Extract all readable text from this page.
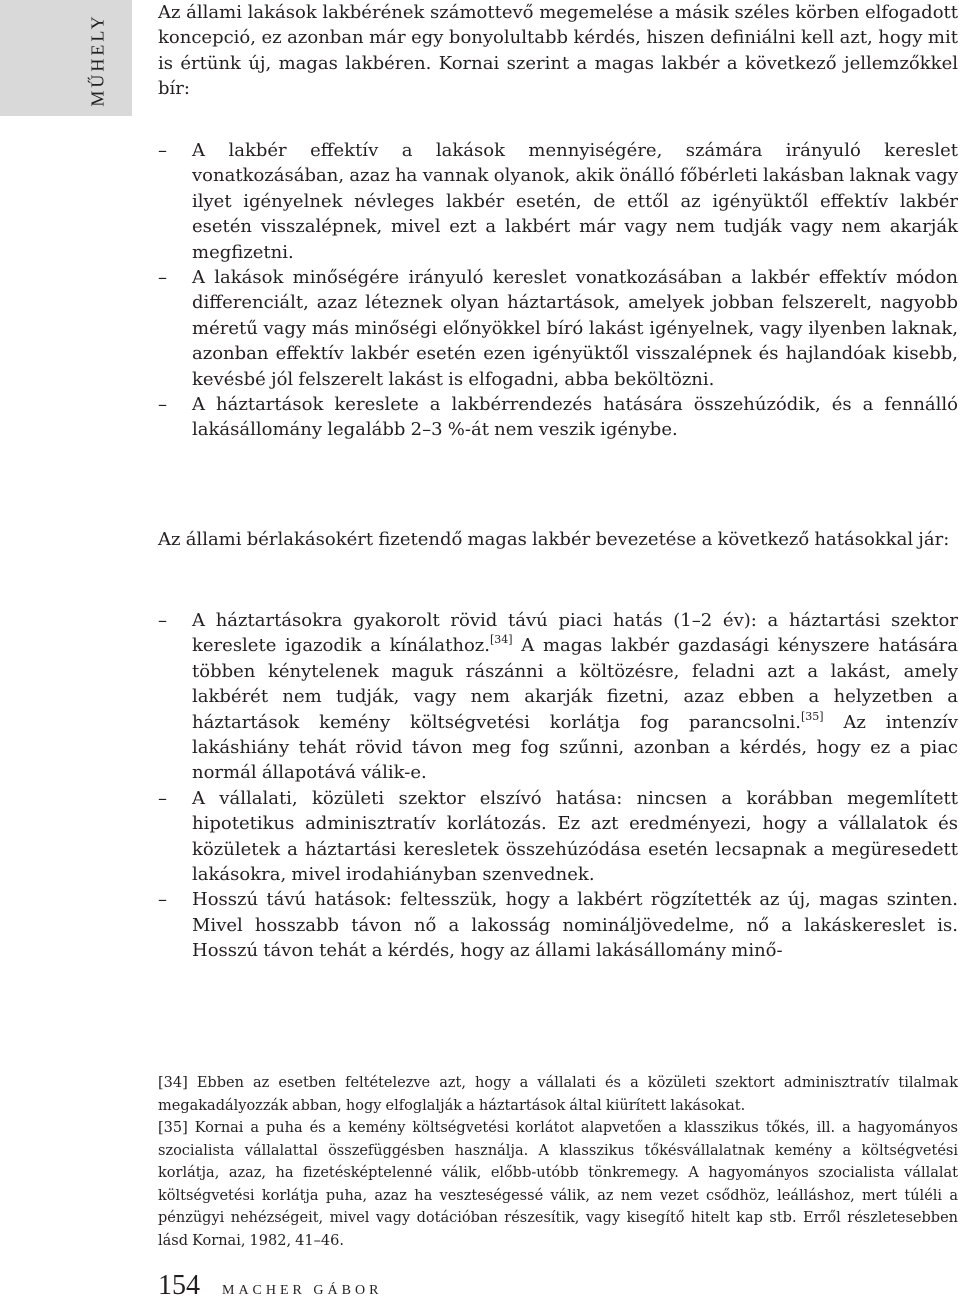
MŰHELY

Az állami lakások lakbérének számottevő megemelése a másik széles körben elfogadott koncepció, ez azonban már egy bonyolultabb kérdés, hiszen definiálni kell azt, hogy mit is értünk új, magas lakbéren. Kornai szerint a magas lakbér a következő jellemzőkkel bír:

– A lakbér effektív a lakások mennyiségére, számára irányuló kereslet vonatkozásában, azaz ha vannak olyanok, akik önálló főbérleti lakásban laknak vagy ilyet igényelnek névleges lakbér esetén, de ettől az igényüktől effektív lakbér esetén visszalépnek, mivel ezt a lakbért már vagy nem tudják vagy nem akarják megfizetni.
– A lakások minőségére irányuló kereslet vonatkozásában a lakbér effektív módon differenciált, azaz léteznek olyan háztartások, amelyek jobban felszerelt, nagyobb méretű vagy más minőségi előnyökkel bíró lakást igényelnek, vagy ilyenben laknak, azonban effektív lakbér esetén ezen igényüktől visszalépnek és hajlandóak kisebb, kevésbé jól felszerelt lakást is elfogadni, abba beköltözni.
– A háztartások kereslete a lakbérrendezés hatására összehúzódik, és a fennálló lakásállomány legalább 2–3 %-át nem veszik igénybe.

Az állami bérlakásokért fizetendő magas lakbér bevezetése a következő hatásokkal jár:

– A háztartásokra gyakorolt rövid távú piaci hatás (1–2 év): a háztartási szektor kereslete igazodik a kínálathoz.[34] A magas lakbér gazdasági kényszere hatására többen kénytelenek maguk rászánni a költözésre, feladni azt a lakást, amely lakbérét nem tudják, vagy nem akarják fizetni, azaz ebben a helyzetben a háztartások kemény költségvetési korlátja fog parancsolni.[35] Az intenzív lakáshiány tehát rövid távon meg fog szűnni, azonban a kérdés, hogy ez a piac normál állapotává válik-e.
– A vállalati, közületi szektor elszívó hatása: nincsen a korábban megemlített hipotetikus adminisztratív korlátozás. Ez azt eredményezi, hogy a vállalatok és közületek a háztartási keresletek összehúzódása esetén lecsapnak a megüresedett lakásokra, mivel irodahiányban szenvednek.
– Hosszú távú hatások: feltesszük, hogy a lakbért rögzítették az új, magas szinten. Mivel hosszabb távon nő a lakosság nomináljövedelme, nő a lakáskereslet is. Hosszú távon tehát a kérdés, hogy az állami lakásállomány minő-

[34] Ebben az esetben feltételezve azt, hogy a vállalati és a közületi szektort adminisztratív tilalmak megakadályozzák abban, hogy elfoglalják a háztartások által kiürített lakásokat.

[35] Kornai a puha és a kemény költségvetési korlátot alapvetően a klasszikus tőkés, ill. a hagyományos szocialista vállalattal összefüggésben használja. A klasszikus tőkésvállalatnak kemény a költségvetési korlátja, azaz, ha fizetésképtelenné válik, előbb-utóbb tönkremegy. A hagyományos szocialista vállalat költségvetési korlátja puha, azaz ha veszteségessé válik, az nem vezet csődhöz, leálláshoz, mert túléli a pénzügyi nehézségeit, mivel vagy dotációban részesítik, vagy kisegítő hitelt kap stb. Erről részletesebben lásd Kornai, 1982, 41–46.

154 MACHER GÁBOR
